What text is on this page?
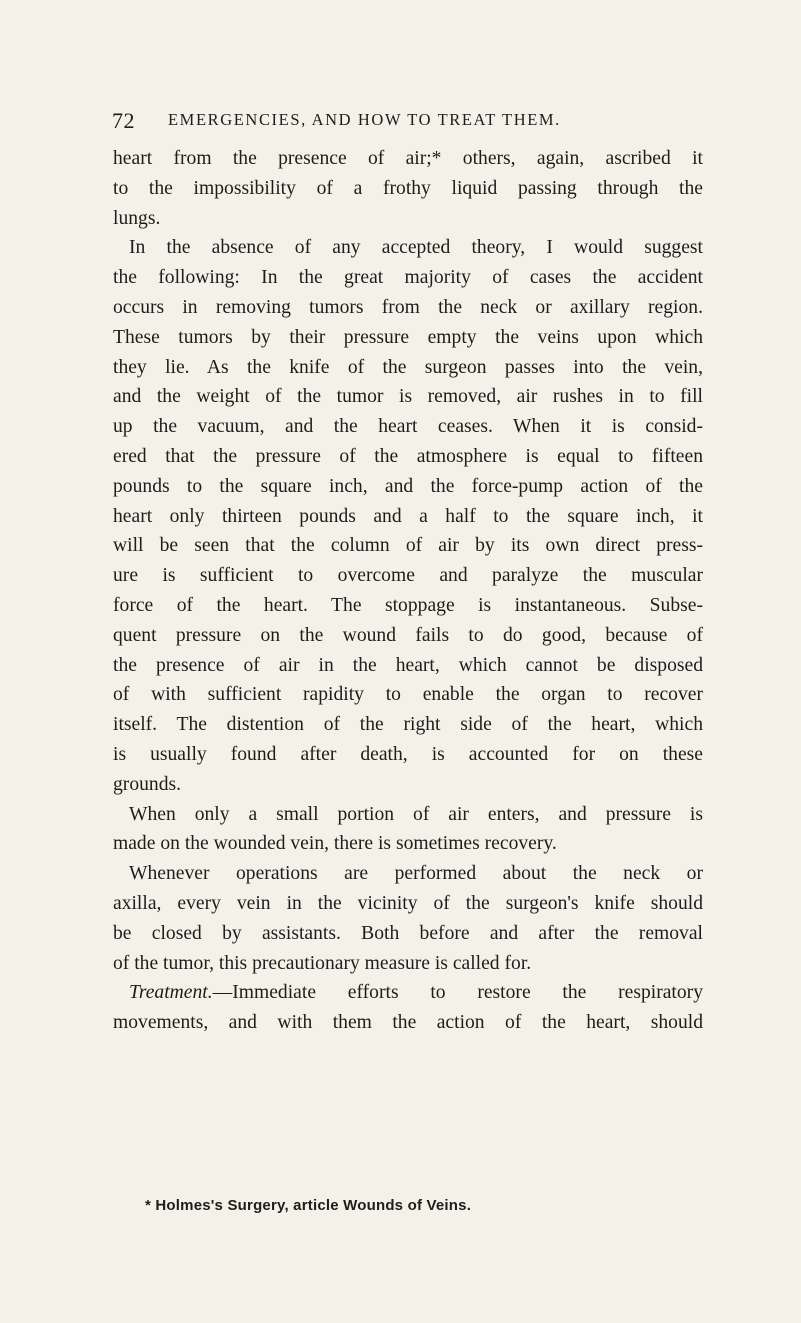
72 EMERGENCIES, AND HOW TO TREAT THEM.
heart from the presence of air;* others, again, ascribed it
to the impossibility of a frothy liquid passing through the
lungs.
In the absence of any accepted theory, I would suggest
the following: In the great majority of cases the accident
occurs in removing tumors from the neck or axillary region.
These tumors by their pressure empty the veins upon which
they lie. As the knife of the surgeon passes into the vein,
and the weight of the tumor is removed, air rushes in to fill
up the vacuum, and the heart ceases. When it is consid-
ered that the pressure of the atmosphere is equal to fifteen
pounds to the square inch, and the force-pump action of the
heart only thirteen pounds and a half to the square inch, it
will be seen that the column of air by its own direct press-
ure is sufficient to overcome and paralyze the muscular
force of the heart. The stoppage is instantaneous. Subse-
quent pressure on the wound fails to do good, because of
the presence of air in the heart, which cannot be disposed
of with sufficient rapidity to enable the organ to recover
itself. The distention of the right side of the heart, which
is usually found after death, is accounted for on these
grounds.
When only a small portion of air enters, and pressure is
made on the wounded vein, there is sometimes recovery.
Whenever operations are performed about the neck or
axilla, every vein in the vicinity of the surgeon's knife should
be closed by assistants. Both before and after the removal
of the tumor, this precautionary measure is called for.
Treatment.—Immediate efforts to restore the respiratory
movements, and with them the action of the heart, should
* Holmes's Surgery, article Wounds of Veins.
